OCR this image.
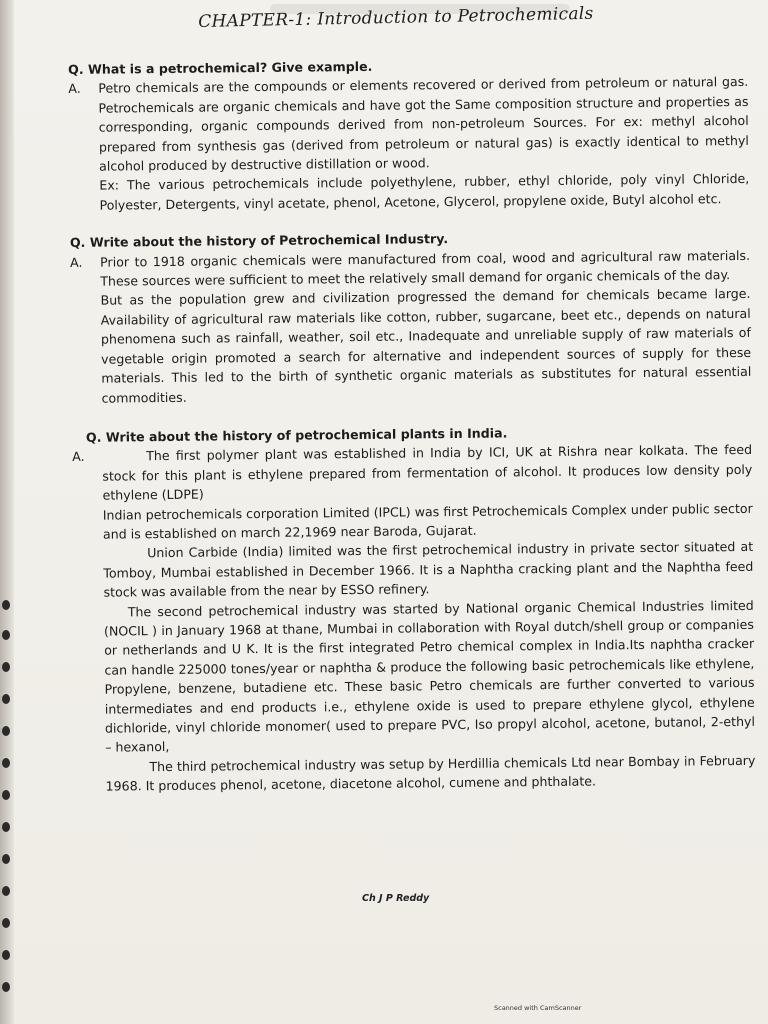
CHAPTER-1: Introduction to Petrochemicals

Q. What is a petrochemical? Give example.

A.	Petro chemicals are the compounds or elements recovered or derived from petroleum or natural gas. Petrochemicals are organic chemicals and have got the Same composition structure and properties as corresponding, organic compounds derived from non-petroleum Sources. For ex: methyl alcohol prepared from synthesis gas (derived from petroleum or natural gas) is exactly identical to methyl alcohol produced by destructive distillation or wood.

Ex: The various petrochemicals include polyethylene, rubber, ethyl chloride, poly vinyl Chloride, Polyester, Detergents, vinyl acetate, phenol, Acetone, Glycerol, propylene oxide, Butyl alcohol etc.

Q. Write about the history of Petrochemical Industry.

A.	Prior to 1918 organic chemicals were manufactured from coal, wood and agricultural raw materials. These sources were sufficient to meet the relatively small demand for organic chemicals of the day.

But as the population grew and civilization progressed the demand for chemicals became large. Availability of agricultural raw materials like cotton, rubber, sugarcane, beet etc., depends on natural phenomena such as rainfall, weather, soil etc., Inadequate and unreliable supply of raw materials of vegetable origin promoted a search for alternative and independent sources of supply for these materials. This led to the birth of synthetic organic materials as substitutes for natural essential commodities.

Q. Write about the history of petrochemical plants in India.

A.	The first polymer plant was established in India by ICI, UK at Rishra near kolkata. The feed stock for this plant is ethylene prepared from fermentation of alcohol. It produces low density poly ethylene (LDPE)

Indian petrochemicals corporation Limited (IPCL) was first Petrochemicals Complex under public sector and is established on march 22,1969 near Baroda, Gujarat.

Union Carbide (India) limited was the first petrochemical industry in private sector situated at Tomboy, Mumbai established in December 1966. It is a Naphtha cracking plant and the Naphtha feed stock was available from the near by ESSO refinery.

The second petrochemical industry was started by National organic Chemical Industries limited (NOCIL ) in January 1968 at thane, Mumbai in collaboration with Royal dutch/shell group or companies or netherlands and U K. It is the first integrated Petro chemical complex in India.Its naphtha cracker can handle 225000 tones/year or naphtha & produce the following basic petrochemicals like ethylene, Propylene, benzene, butadiene etc. These basic Petro chemicals are further converted to various intermediates and end products i.e., ethylene oxide is used to prepare ethylene glycol, ethylene dichloride, vinyl chloride monomer( used to prepare PVC, Iso propyl alcohol, acetone, butanol, 2-ethyl – hexanol,

The third petrochemical industry was setup by Herdillia chemicals Ltd near Bombay in February 1968. It produces phenol, acetone, diacetone alcohol, cumene and phthalate.

Ch J P Reddy
Scanned with CamScanner
